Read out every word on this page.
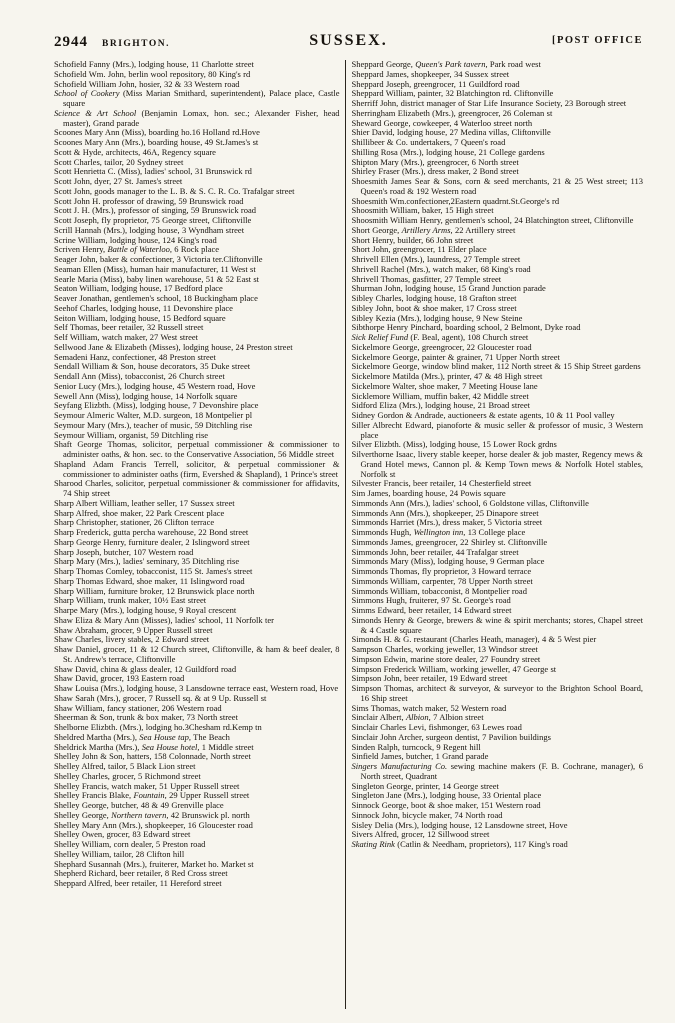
2944 BRIGHTON.	SUSSEX.	[POST OFFICE

Schofield Fanny (Mrs.), lodging house, 11 Charlotte street

Schofield Wm. John, berlin wool repository, 80 King's rd

Schofield William John, hosier, 32 & 33 Western road

School of Cookery (Miss Marian Smithard, superintendent), Palace place, Castle square

Science & Art School (Benjamin Lomax, hon. sec.; Alexander Fisher, head master), Grand parade

Scoones Mary Ann (Miss), boarding ho.16 Holland rd.Hove

Scoones Mary Ann (Mrs.), boarding house, 49 St.James's st

Scott & Hyde, architects, 46A, Regency square

Scott Charles, tailor, 20 Sydney street

Scott Henrietta C. (Miss), ladies' school, 31 Brunswick rd

Scott John, dyer, 27 St. James's street

Scott John, goods manager to the L. B. & S. C. R. Co. Trafalgar street

Scott John H. professor of drawing, 59 Brunswick road

Scott J. H. (Mrs.), professor of singing, 59 Brunswick road

Scott Joseph, fly proprietor, 75 George street, Cliftonville

Scrill Hannah (Mrs.), lodging house, 3 Wyndham street

Scrine William, lodging house, 124 King's road

Scriven Henry, Battle of Waterloo, 6 Rock place

Seager John, baker & confectioner, 3 Victoria ter.Cliftonville

Seaman Ellen (Miss), human hair manufacturer, 11 West st

Searle Maria (Miss), baby linen warehouse, 51 & 52 East st

Seaton William, lodging house, 17 Bedford place

Seaver Jonathan, gentlemen's school, 18 Buckingham place

Seehof Charles, lodging house, 11 Devonshire place

Seiton William, lodging house, 15 Bedford square

Self Thomas, beer retailer, 32 Russell street

Self William, watch maker, 27 West street

Sellwood Jane & Elizabeth (Misses), lodging house, 24 Preston street

Semadeni Hanz, confectioner, 48 Preston street

Sendall William & Son, house decorators, 35 Duke street

Sendall Ann (Miss), tobacconist, 26 Church street

Senior Lucy (Mrs.), lodging house, 45 Western road, Hove

Sewell Ann (Miss), lodging house, 14 Norfolk square

Seyfang Elizbth. (Miss), lodging house, 7 Devonshire place

Seymour Almeric Walter, M.D. surgeon, 18 Montpelier pl

Seymour Mary (Mrs.), teacher of music, 59 Ditchling rise

Seymour William, organist, 59 Ditchling rise

Shaft George Thomas, solicitor, perpetual commissioner & commissioner to administer oaths, & hon. sec. to the Conservative Association, 56 Middle street

Shapland Adam Francis Terrell, solicitor, & perpetual commissioner & commissioner to administer oaths (firm, Evershed & Shapland), 1 Prince's street

Sharood Charles, solicitor, perpetual commissioner & commissioner for affidavits, 74 Ship street

Sharp Albert William, leather seller, 17 Sussex street

Sharp Alfred, shoe maker, 22 Park Crescent place

Sharp Christopher, stationer, 26 Clifton terrace

Sharp Frederick, gutta percha warehouse, 22 Bond street

Sharp George Henry, furniture dealer, 2 Islingword street

Sharp Joseph, butcher, 107 Western road

Sharp Mary (Mrs.), ladies' seminary, 35 Ditchling rise

Sharp Thomas Comley, tobacconist, 115 St. James's street

Sharp Thomas Edward, shoe maker, 11 Islingword road

Sharp William, furniture broker, 12 Brunswick place north

Sharp William, trunk maker, 10½ East street

Sharpe Mary (Mrs.), lodging house, 9 Royal crescent

Shaw Eliza & Mary Ann (Misses), ladies' school, 11 Norfolk ter

Shaw Abraham, grocer, 9 Upper Russell street

Shaw Charles, livery stables, 2 Edward street

Shaw Daniel, grocer, 11 & 12 Church street, Cliftonville, & ham & beef dealer, 8 St. Andrew's terrace, Cliftonville

Shaw David, china & glass dealer, 12 Guildford road

Shaw David, grocer, 193 Eastern road

Shaw Louisa (Mrs.), lodging house, 3 Lansdowne terrace east, Western road, Hove

Shaw Sarah (Mrs.), grocer, 7 Russell sq. & at 9 Up. Russell st

Shaw William, fancy stationer, 206 Western road

Sheerman & Son, trunk & box maker, 73 North street

Shelborne Elizbth. (Mrs.), lodging ho.3Chesham rd.Kemp tn

Sheldred Martha (Mrs.), Sea House tap, The Beach

Sheldrick Martha (Mrs.), Sea House hotel, 1 Middle street

Shelley John & Son, hatters, 158 Colonnade, North street

Shelley Alfred, tailor, 5 Black Lion street

Shelley Charles, grocer, 5 Richmond street

Shelley Francis, watch maker, 51 Upper Russell street

Shelley Francis Blake, Fountain, 29 Upper Russell street

Shelley George, butcher, 48 & 49 Grenville place

Shelley George, Northern tavern, 42 Brunswick pl. north

Shelley Mary Ann (Mrs.), shopkeeper, 16 Gloucester road

Shelley Owen, grocer, 83 Edward street

Shelley William, corn dealer, 5 Preston road

Shelley William, tailor, 28 Clifton hill

Shephard Susannah (Mrs.), fruiterer, Market ho. Market st

Shepherd Richard, beer retailer, 8 Red Cross street

Sheppard Alfred, beer retailer, 11 Hereford street

Sheppard George, Queen's Park tavern, Park road west

Sheppard James, shopkeeper, 34 Sussex street

Sheppard Joseph, greengrocer, 11 Guildford road

Sheppard William, painter, 32 Blatchington rd. Cliftonville

Sherriff John, district manager of Star Life Insurance Society, 23 Borough street

Sherringham Elizabeth (Mrs.), greengrocer, 26 Coleman st

Sheward George, cowkeeper, 4 Waterloo street north

Shier David, lodging house, 27 Medina villas, Cliftonville

Shillibeer & Co. undertakers, 7 Queen's road

Shilling Rosa (Mrs.), lodging house, 21 College gardens

Shipton Mary (Mrs.), greengrocer, 6 North street

Shirley Fraser (Mrs.), dress maker, 2 Bond street

Shoesmith James Sear & Sons, corn & seed merchants, 21 & 25 West street; 113 Queen's road & 192 Western road

Shoesmith Wm.confectioner,2Eastern quadrnt.St.George's rd

Shoosmith William, baker, 15 High street

Shoosmith William Henry, gentlemen's school, 24 Blatchington street, Cliftonville

Short George, Artillery Arms, 22 Artillery street

Short Henry, builder, 66 John street

Short John, greengrocer, 11 Elder place

Shrivell Ellen (Mrs.), laundress, 27 Temple street

Shrivell Rachel (Mrs.), watch maker, 68 King's road

Shrivell Thomas, gasfitter, 27 Temple street

Shurman John, lodging house, 15 Grand Junction parade

Sibley Charles, lodging house, 18 Grafton street

Sibley John, boot & shoe maker, 17 Cross street

Sibley Kezia (Mrs.), lodging house, 9 New Steine

Sibthorpe Henry Pinchard, boarding school, 2 Belmont, Dyke road

Sick Relief Fund (F. Beal, agent), 108 Church street

Sickelmore George, greengrocer, 22 Gloucester road

Sickelmore George, painter & grainer, 71 Upper North street

Sickelmore George, window blind maker, 112 North street & 15 Ship Street gardens

Sickelmore Matilda (Mrs.), printer, 47 & 48 High street

Sickelmore Walter, shoe maker, 7 Meeting House lane

Sicklemore William, muffin baker, 42 Middle street

Sidford Eliza (Mrs.), lodging house, 21 Broad street

Sidney Gordon & Andrade, auctioneers & estate agents, 10 & 11 Pool valley

Siller Albrecht Edward, pianoforte & music seller & professor of music, 3 Western place

Silver Elizbth. (Miss), lodging house, 15 Lower Rock grdns

Silverthorne Isaac, livery stable keeper, horse dealer & job master, Regency mews & Grand Hotel mews, Cannon pl. & Kemp Town mews & Norfolk Hotel stables, Norfolk st

Silvester Francis, beer retailer, 14 Chesterfield street

Sim James, boarding house, 24 Powis square

Simmonds Ann (Mrs.), ladies' school, 6 Goldstone villas, Cliftonville

Simmonds Ann (Mrs.), shopkeeper, 25 Dinapore street

Simmonds Harriet (Mrs.), dress maker, 5 Victoria street

Simmonds Hugh, Wellington inn, 13 College place

Simmonds James, greengrocer, 22 Shirley st. Cliftonville

Simmonds John, beer retailer, 44 Trafalgar street

Simmonds Mary (Miss), lodging house, 9 German place

Simmonds Thomas, fly proprietor, 3 Howard terrace

Simmonds William, carpenter, 78 Upper North street

Simmonds William, tobacconist, 8 Montpelier road

Simmons Hugh, fruiterer, 97 St. George's road

Simms Edward, beer retailer, 14 Edward street

Simonds Henry & George, brewers & wine & spirit merchants; stores, Chapel street & 4 Castle square

Simonds H. & G. restaurant (Charles Heath, manager), 4 & 5 West pier

Sampson Charles, working jeweller, 13 Windsor street

Simpson Edwin, marine store dealer, 27 Foundry street

Simpson Frederick William, working jeweller, 47 George st

Simpson John, beer retailer, 19 Edward street

Simpson Thomas, architect & surveyor, & surveyor to the Brighton School Board, 16 Ship street

Sims Thomas, watch maker, 52 Western road

Sinclair Albert, Albion, 7 Albion street

Sinclair Charles Levi, fishmonger, 63 Lewes road

Sinclair John Archer, surgeon dentist, 7 Pavilion buildings

Sinden Ralph, turncock, 9 Regent hill

Sinfield James, butcher, 1 Grand parade

Singers Manufacturing Co. sewing machine makers (F. B. Cochrane, manager), 6 North street, Quadrant

Singleton George, printer, 14 George street

Singleton Jane (Mrs.), lodging house, 33 Oriental place

Sinnock George, boot & shoe maker, 151 Western road

Sinnock John, bicycle maker, 74 North road

Sisley Delia (Mrs.), lodging house, 12 Lansdowne street, Hove

Sivers Alfred, grocer, 12 Sillwood street

Skating Rink (Catlin & Needham, proprietors), 117 King's road
